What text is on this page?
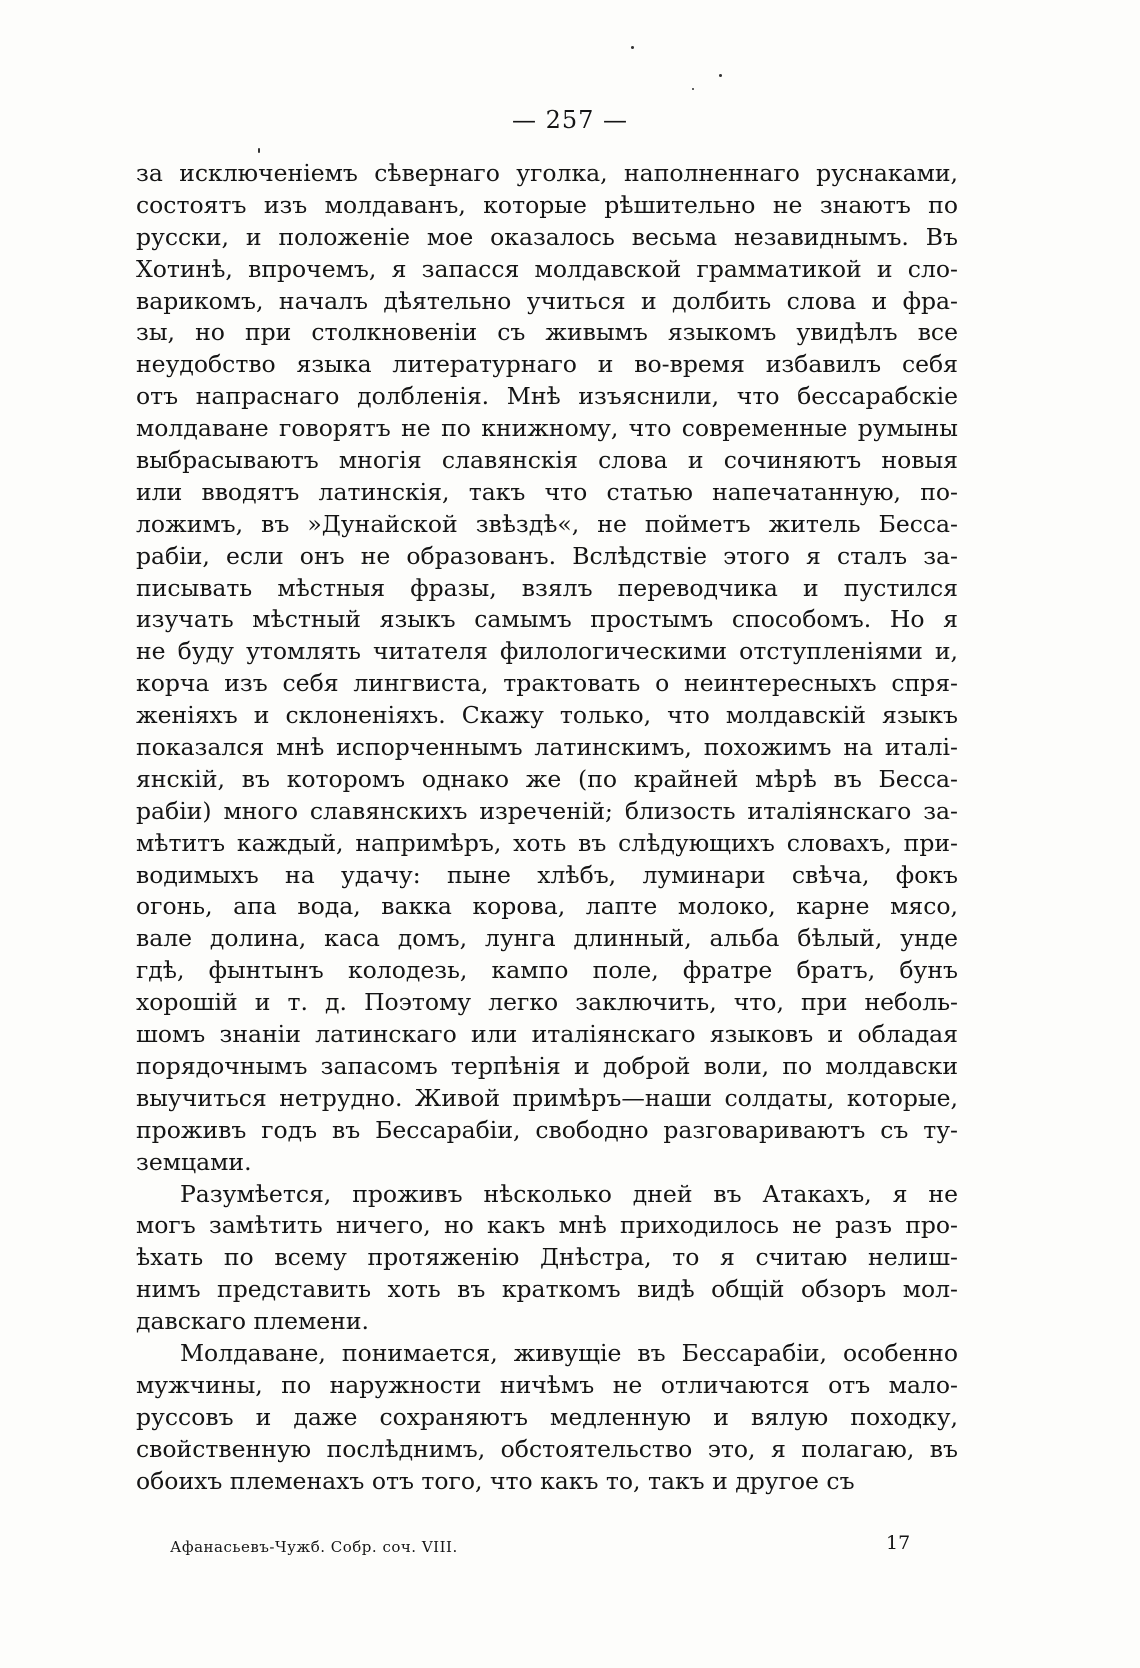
— 257 —
за исключеніемъ сѣвернаго уголка, наполненнаго руснаками,
состоятъ изъ молдаванъ, которые рѣшительно не знаютъ по
русски, и положеніе мое оказалось весьма незавиднымъ. Въ
Хотинѣ, впрочемъ, я запасся молдавской грамматикой и сло-
варикомъ, началъ дѣятельно учиться и долбить слова и фра-
зы, но при столкновеніи съ живымъ языкомъ увидѣлъ все
неудобство языка литературнаго и во-время избавилъ себя
отъ напраснаго долбленія. Мнѣ изъяснили, что бессарабскіе
молдаване говорятъ не по книжному, что современные румыны
выбрасываютъ многія славянскія слова и сочиняютъ новыя
или вводятъ латинскія, такъ что статью напечатанную, по-
ложимъ, въ »Дунайской звѣздѣ«, не пойметъ житель Бесса-
рабіи, если онъ не образованъ. Вслѣдствіе этого я сталъ за-
писывать мѣстныя фразы, взялъ переводчика и пустился
изучать мѣстный языкъ самымъ простымъ способомъ. Но я
не буду утомлять читателя филологическими отступленіями и,
корча изъ себя лингвиста, трактовать о неинтересныхъ спря-
женіяхъ и склоненіяхъ. Скажу только, что молдавскій языкъ
показался мнѣ испорченнымъ латинскимъ, похожимъ на италі-
янскій, въ которомъ однако же (по крайней мѣрѣ въ Бесса-
рабіи) много славянскихъ изреченій; близость италіянскаго за-
мѣтитъ каждый, напримѣръ, хоть въ слѣдующихъ словахъ, при-
водимыхъ на удачу: пыне хлѣбъ, луминари свѣча, фокъ
огонь, апа вода, вакка корова, лапте молоко, карне мясо,
вале долина, каса домъ, лунга длинный, альба бѣлый, унде
гдѣ, фынтынъ колодезь, кампо поле, фратре братъ, бунъ
хорошій и т. д. Поэтому легко заключить, что, при неболь-
шомъ знаніи латинскаго или италіянскаго языковъ и обладая
порядочнымъ запасомъ терпѣнія и доброй воли, по молдавски
выучиться нетрудно. Живой примѣръ—наши солдаты, которые,
проживъ годъ въ Бессарабіи, свободно разговариваютъ съ ту-
земцами.
Разумѣется, проживъ нѣсколько дней въ Атакахъ, я не
могъ замѣтить ничего, но какъ мнѣ приходилось не разъ про-
ѣхать по всему протяженію Днѣстра, то я считаю нелиш-
нимъ представить хоть въ краткомъ видѣ общій обзоръ мол-
давскаго племени.
Молдаване, понимается, живущіе въ Бессарабіи, особенно
мужчины, по наружности ничѣмъ не отличаются отъ мало-
руссовъ и даже сохраняютъ медленную и вялую походку,
свойственную послѣднимъ, обстоятельство это, я полагаю, въ
обоихъ племенахъ отъ того, что какъ то, такъ и другое съ
Афанасьевъ-Чужб. Собр. соч. VIII.	17
